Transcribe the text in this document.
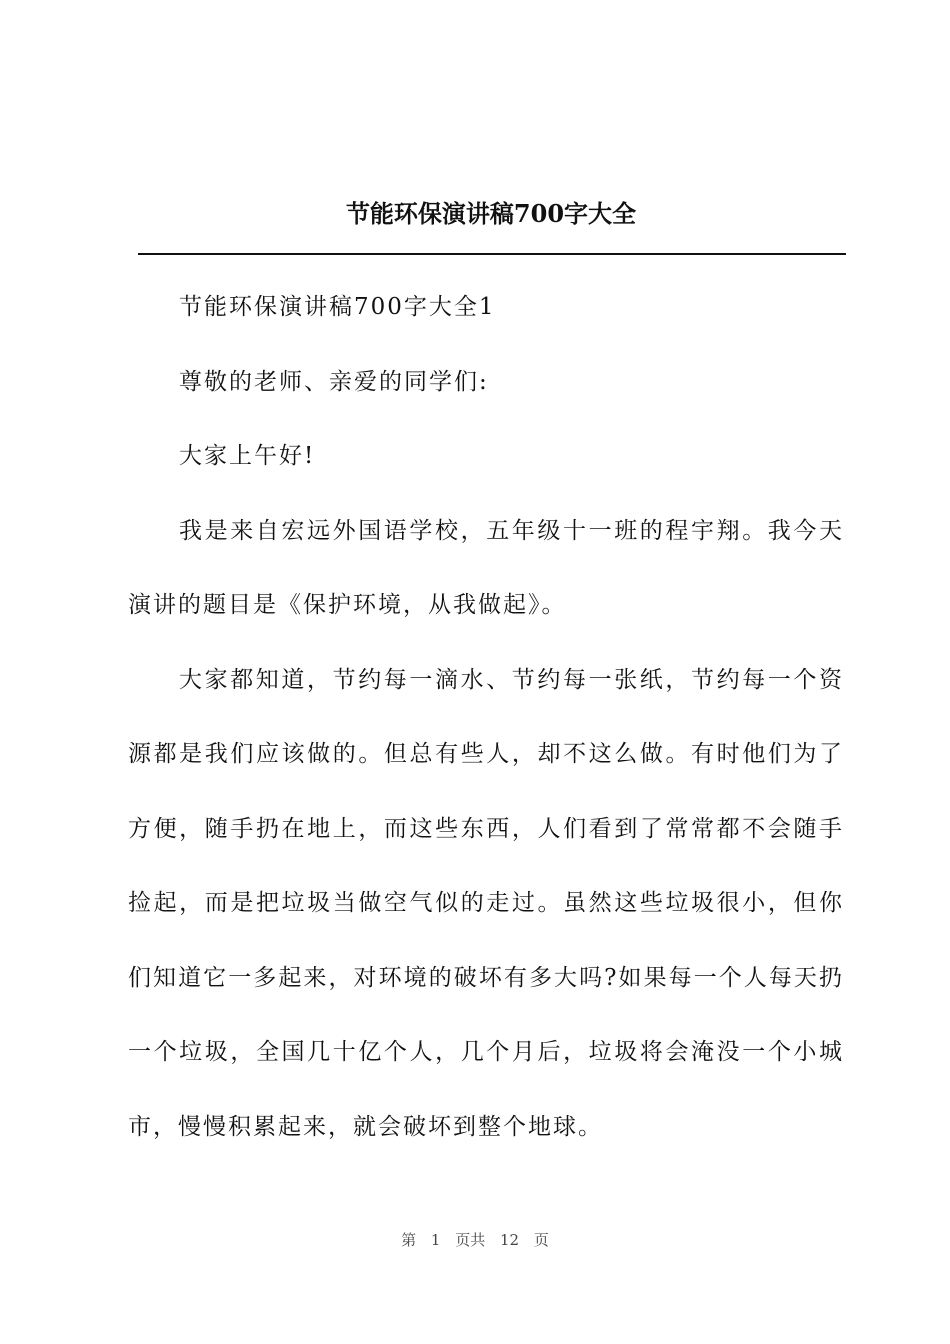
节能环保演讲稿700字大全

节能环保演讲稿700字大全1

尊敬的老师、亲爱的同学们:

大家上午好!

我是来自宏远外国语学校，五年级十一班的程宇翔。我今天演讲的题目是《保护环境，从我做起》。

大家都知道，节约每一滴水、节约每一张纸，节约每一个资源都是我们应该做的。但总有些人，却不这么做。有时他们为了方便，随手扔在地上，而这些东西，人们看到了常常都不会随手捡起，而是把垃圾当做空气似的走过。虽然这些垃圾很小，但你们知道它一多起来，对环境的破坏有多大吗?如果每一个人每天扔一个垃圾，全国几十亿个人，几个月后，垃圾将会淹没一个小城市，慢慢积累起来，就会破坏到整个地球。

第 1 页共 12 页
